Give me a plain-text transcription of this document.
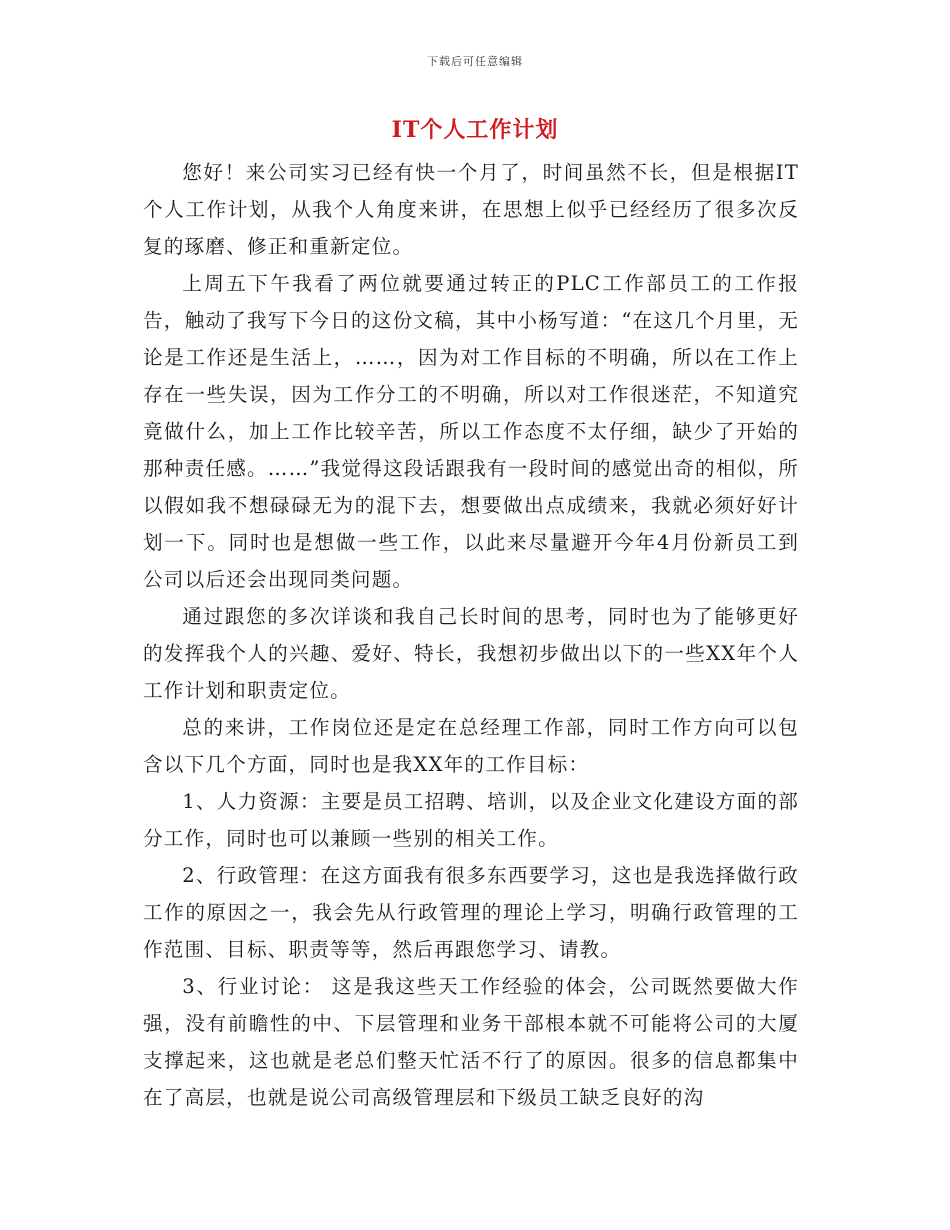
下载后可任意编辑
IT个人工作计划

您好！来公司实习已经有快一个月了，时间虽然不长，但是根据IT个人工作计划，从我个人角度来讲，在思想上似乎已经经历了很多次反复的琢磨、修正和重新定位。

上周五下午我看了两位就要通过转正的PLC工作部员工的工作报告，触动了我写下今日的这份文稿，其中小杨写道：“在这几个月里，无论是工作还是生活上，……，因为对工作目标的不明确，所以在工作上存在一些失误，因为工作分工的不明确，所以对工作很迷茫，不知道究竟做什么，加上工作比较辛苦，所以工作态度不太仔细，缺少了开始的那种责任感。……”我觉得这段话跟我有一段时间的感觉出奇的相似，所以假如我不想碌碌无为的混下去，想要做出点成绩来，我就必须好好计划一下。同时也是想做一些工作，以此来尽量避开今年4月份新员工到公司以后还会出现同类问题。

通过跟您的多次详谈和我自己长时间的思考，同时也为了能够更好的发挥我个人的兴趣、爱好、特长，我想初步做出以下的一些XX年个人工作计划和职责定位。

总的来讲，工作岗位还是定在总经理工作部，同时工作方向可以包含以下几个方面，同时也是我XX年的工作目标：

1、人力资源：主要是员工招聘、培训，以及企业文化建设方面的部分工作，同时也可以兼顾一些别的相关工作。

2、行政管理：在这方面我有很多东西要学习，这也是我选择做行政工作的原因之一，我会先从行政管理的理论上学习，明确行政管理的工作范围、目标、职责等等，然后再跟您学习、请教。

3、行业讨论： 这是我这些天工作经验的体会，公司既然要做大作强，没有前瞻性的中、下层管理和业务干部根本就不可能将公司的大厦支撑起来，这也就是老总们整天忙活不行了的原因。很多的信息都集中在了高层，也就是说公司高级管理层和下级员工缺乏良好的沟
